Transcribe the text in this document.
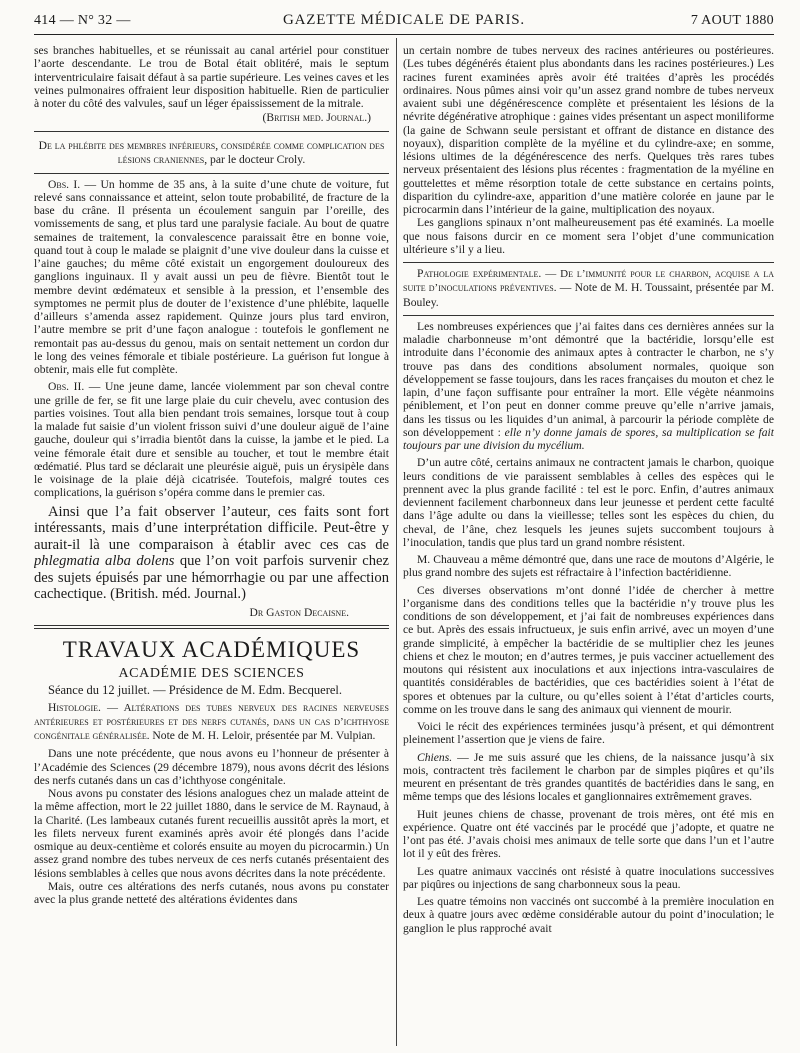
414 — N° 32 —	GAZETTE MÉDICALE DE PARIS.	7 AOUT 1880

ses branches habituelles, et se réunissait au canal artériel pour constituer l’aorte descendante. Le trou de Botal était oblitéré, mais le septum interventriculaire faisait défaut à sa partie supérieure. Les veines caves et les veines pulmonaires offraient leur disposition habituelle. Rien de particulier à noter du côté des valvules, sauf un léger épaississement de la mitrale.

(British med. Journal.)

De la phlébite des membres inférieurs, considérée comme complication des lésions craniennes, par le docteur Croly.

Obs. I. — Un homme de 35 ans, à la suite d’une chute de voiture, fut relevé sans connaissance et atteint, selon toute probabilité, de fracture de la base du crâne. Il présenta un écoulement sanguin par l’oreille, des vomissements de sang, et plus tard une paralysie faciale. Au bout de quatre semaines de traitement, la convalescence paraissait être en bonne voie, quand tout à coup le malade se plaignit d’une vive douleur dans la cuisse et l’aine gauches; du même côté existait un engorgement douloureux des ganglions inguinaux. Il y avait aussi un peu de fièvre. Bientôt tout le membre devint œdémateux et sensible à la pression, et l’ensemble des symptomes ne permit plus de douter de l’existence d’une phlébite, laquelle d’ailleurs s’amenda assez rapidement. Quinze jours plus tard environ, l’autre membre se prit d’une façon analogue : toutefois le gonflement ne remontait pas au-dessus du genou, mais on sentait nettement un cordon dur le long des veines fémorale et tibiale postérieure. La guérison fut longue à obtenir, mais elle fut complète.

Obs. II. — Une jeune dame, lancée violemment par son cheval contre une grille de fer, se fit une large plaie du cuir chevelu, avec contusion des parties voisines. Tout alla bien pendant trois semaines, lorsque tout à coup la malade fut saisie d’un violent frisson suivi d’une douleur aiguë de l’aine gauche, douleur qui s’irradia bientôt dans la cuisse, la jambe et le pied. La veine fémorale était dure et sensible au toucher, et tout le membre était œdématié. Plus tard se déclarait une pleurésie aiguë, puis un érysipèle dans le voisinage de la plaie déjà cicatrisée. Toutefois, malgré toutes ces complications, la guérison s’opéra comme dans le premier cas.

Ainsi que l’a fait observer l’auteur, ces faits sont fort intéressants, mais d’une interprétation difficile. Peut-être y aurait-il là une comparaison à établir avec ces cas de phlegmatia alba dolens que l’on voit parfois survenir chez des sujets épuisés par une hémorrhagie ou par une affection cachectique. (British. méd. Journal.)

Dr Gaston Decaisne.

TRAVAUX ACADÉMIQUES

ACADÉMIE DES SCIENCES

Séance du 12 juillet. — Présidence de M. Edm. Becquerel.

Histologie. — Altérations des tubes nerveux des racines nerveuses antérieures et postérieures et des nerfs cutanés, dans un cas d’ichthyose congénitale généralisée. Note de M. H. Leloir, présentée par M. Vulpian.

Dans une note précédente, que nous avons eu l’honneur de présenter à l’Académie des Sciences (29 décembre 1879), nous avons décrit des lésions des nerfs cutanés dans un cas d’ichthyose congénitale.

Nous avons pu constater des lésions analogues chez un malade atteint de la même affection, mort le 22 juillet 1880, dans le service de M. Raynaud, à la Charité. (Les lambeaux cutanés furent recueillis aussitôt après la mort, et les filets nerveux furent examinés après avoir été plongés dans l’acide osmique au deux-centième et colorés ensuite au moyen du picrocarmin.) Un assez grand nombre des tubes nerveux de ces nerfs cutanés présentaient des lésions semblables à celles que nous avons décrites dans la note précédente.

Mais, outre ces altérations des nerfs cutanés, nous avons pu constater avec la plus grande netteté des altérations évidentes dans

un certain nombre de tubes nerveux des racines antérieures ou postérieures. (Les tubes dégénérés étaient plus abondants dans les racines postérieures.) Les racines furent examinées après avoir été traitées d’après les procédés ordinaires. Nous pûmes ainsi voir qu’un assez grand nombre de tubes nerveux avaient subi une dégénérescence complète et présentaient les lésions de la névrite dégénérative atrophique : gaines vides présentant un aspect moniliforme (la gaine de Schwann seule persistant et offrant de distance en distance des noyaux), disparition complète de la myéline et du cylindre-axe; en somme, lésions ultimes de la dégénérescence des nerfs. Quelques très rares tubes nerveux présentaient des lésions plus récentes : fragmentation de la myéline en gouttelettes et même résorption totale de cette substance en certains points, disparition du cylindre-axe, apparition d’une matière colorée en jaune par le picrocarmin dans l’intérieur de la gaine, multiplication des noyaux.

Les ganglions spinaux n’ont malheureusement pas été examinés. La moelle que nous faisons durcir en ce moment sera l’objet d’une communication ultérieure s’il y a lieu.

Pathologie expérimentale. — De l’immunité pour le charbon, acquise a la suite d’inoculations préventives. — Note de M. H. Toussaint, présentée par M. Bouley.

Les nombreuses expériences que j’ai faites dans ces dernières années sur la maladie charbonneuse m’ont démontré que la bactéridie, lorsqu’elle est introduite dans l’économie des animaux aptes à contracter le charbon, ne s’y trouve pas dans des conditions absolument normales, quoique son développement se fasse toujours, dans les races françaises du mouton et chez le lapin, d’une façon suffisante pour entraîner la mort. Elle végète néanmoins péniblement, et l’on peut en donner comme preuve qu’elle n’arrive jamais, dans les tissus ou les liquides d’un animal, à parcourir la période complète de son développement : elle n’y donne jamais de spores, sa multiplication se fait toujours par une division du mycélium.

D’un autre côté, certains animaux ne contractent jamais le charbon, quoique leurs conditions de vie paraissent semblables à celles des espèces qui le prennent avec la plus grande facilité : tel est le porc. Enfin, d’autres animaux deviennent facilement charbonneux dans leur jeunesse et perdent cette faculté dans l’âge adulte ou dans la vieillesse; telles sont les espèces du chien, du cheval, de l’âne, chez lesquels les jeunes sujets succombent toujours à l’inoculation, tandis que plus tard un grand nombre résistent.

M. Chauveau a même démontré que, dans une race de moutons d’Algérie, le plus grand nombre des sujets est réfractaire à l’infection bactéridienne.

Ces diverses observations m’ont donné l’idée de chercher à mettre l’organisme dans des conditions telles que la bactéridie n’y trouve plus les conditions de son développement, et j’ai fait de nombreuses expériences dans ce but. Après des essais infructueux, je suis enfin arrivé, avec un moyen d’une grande simplicité, à empêcher la bactéridie de se multiplier chez les jeunes chiens et chez le mouton; en d’autres termes, je puis vacciner actuellement des moutons qui résistent aux inoculations et aux injections intra-vasculaires de quantités considérables de bactéridies, que ces bactéridies soient à l’état de spores et obtenues par la culture, ou qu’elles soient à l’état d’articles courts, comme on les trouve dans le sang des animaux qui viennent de mourir.

Voici le récit des expériences terminées jusqu’à présent, et qui démontrent pleinement l’assertion que je viens de faire.

Chiens. — Je me suis assuré que les chiens, de la naissance jusqu’à six mois, contractent très facilement le charbon par de simples piqûres et qu’ils meurent en présentant de très grandes quantités de bactéridies dans le sang, en même temps que des lésions locales et ganglionnaires extrêmement graves.

Huit jeunes chiens de chasse, provenant de trois mères, ont été mis en expérience. Quatre ont été vaccinés par le procédé que j’adopte, et quatre ne l’ont pas été. J’avais choisi mes animaux de telle sorte que dans l’un et l’autre lot il y eût des frères.

Les quatre animaux vaccinés ont résisté à quatre inoculations successives par piqûres ou injections de sang charbonneux sous la peau.

Les quatre témoins non vaccinés ont succombé à la première inoculation en deux à quatre jours avec œdème considérable autour du point d’inoculation; le ganglion le plus rapproché avait
